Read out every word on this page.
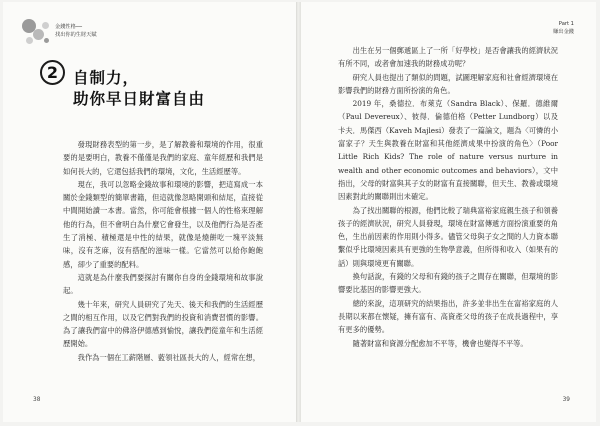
金錢性格──
找出你的生財天賦
2 自制力，
助你早日財富自由

發現財務表型的第一步，是了解教養和環境的作用，很重要的是要明白，教養不僅僅是我們的家庭、童年經歷和我們是如何長大的，它還包括我們的環境，文化，生活經歷等。

現在，我可以忽略金錢故事和環境的影響，把這寫成一本關於金錢類型的簡單書籍，但這就像忽略開頭和結尾，直接從中間開始讀一本書。當然，你可能會根據一個人的性格來理解他的行為，但不會明白為什麼它會發生，以及他們行為是否產生了消極、積極還是中性的結果，就像是燒餅吃一塊平淡無味，沒有芝麻，沒有搭配的滋味一樣。它當然可以給你飽飽感，卻少了重要的配料。

這就是為什麼我們要探討有關你自身的金錢環境和故事說起。

幾十年來，研究人員研究了先天、後天和我們的生活經歷之間的相互作用，以及它們對我們的投資和消費習慣的影響。為了讓我們富中的佛洛伊德感到愉悅，讓我們從童年和生活經歷開始。

我作為一個在工薪階層、藍領社區長大的人，經常在想，

38
Part 1
賺出金錢

出生在另一個郵遞區上了一所「好學校」是否會讓我的經濟狀況有所不同，或者會加速我的財務成功呢？

研究人員也提出了類似的問題，試圖理解家庭和社會經濟環境在影響我們的財務方面所扮演的角色。

2019 年，桑德拉．布萊克（Sandra Black）、保羅．德維爾（Paul Devereux）、彼得．倫德伯格（Petter Lundborg）以及卡夫．馬傑西（Kaveh Majlesi）發表了一篇論文，題為〈可憐的小富家子？天生與教養在財富和其他經濟成果中扮演的角色〉（Poor Little Rich Kids? The role of nature versus nurture in wealth and other economic outcomes and behaviors），文中指出，父母的財富與其子女的財富有直接關聯，但天生、教養或環境因素對此的關聯則出未確定。

為了找出關聯的根源，他們比較了瑞典富裕家庭親生孩子和領養孩子的經濟狀況，研究人員發現，環境在財富傳遞方面扮演重要的角色，生出前因素的作用則小得多。儘管父母與子女之間的人力資本聯繫似乎比環境因素具有更強的生物學意義，但所得和收入（如果有的話）則與環境更有關聯。

換句話說，有錢的父母和有錢的孩子之間存在關聯，但環境的影響要比基因的影響更強大。

總的來說，這項研究的結果指出，許多並非出生在富裕家庭的人長期以來都在懷疑，擁有富有、高資產父母的孩子在成長過程中，享有更多的優勢。

隨著財富和資源分配愈加不平等，機會也變得不平等。

39
